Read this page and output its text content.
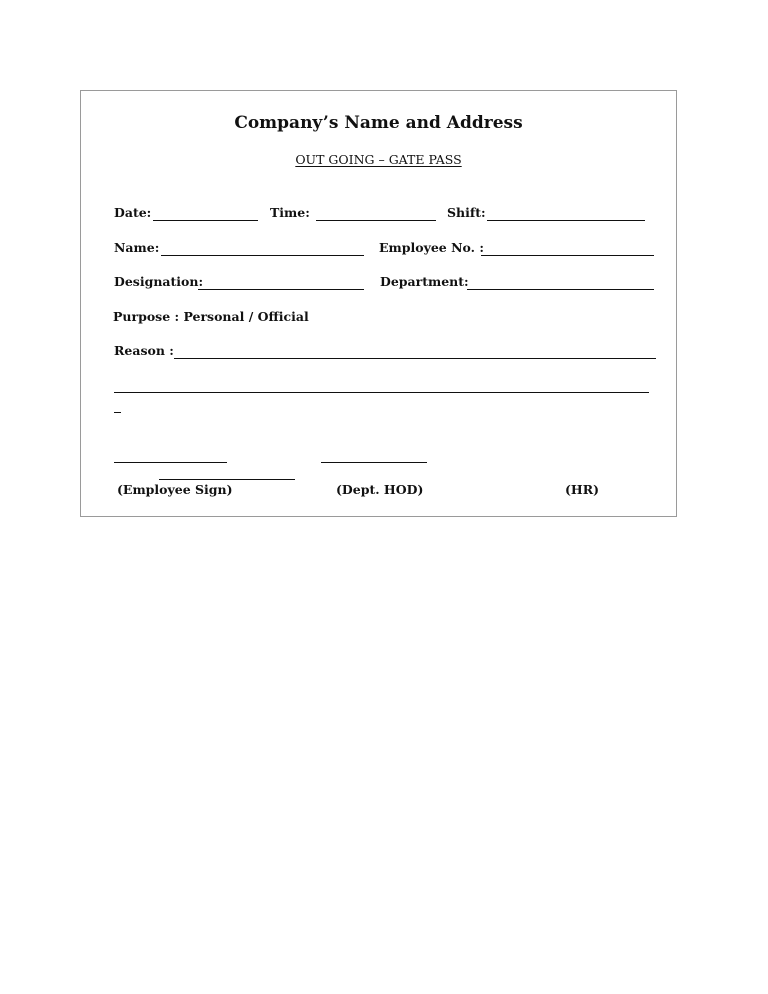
Company’s Name and Address
OUT GOING – GATE PASS
Date:	Time:	Shift:
Name:	Employee No. :
Designation:	Department:
Purpose : Personal / Official
Reason :
(Employee Sign)	(Dept. HOD)	(HR)
